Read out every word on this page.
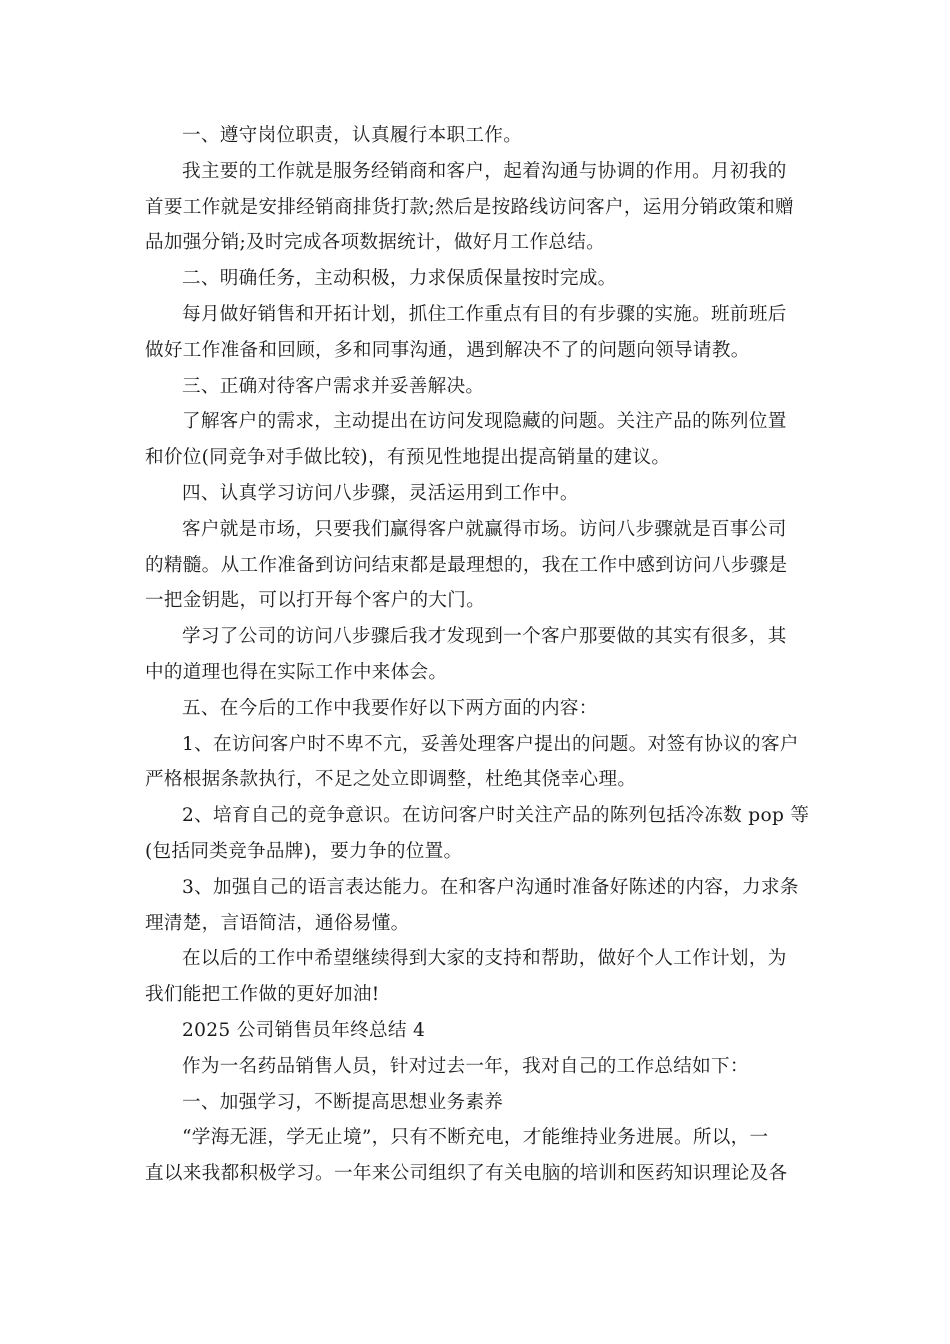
一、遵守岗位职责，认真履行本职工作。
我主要的工作就是服务经销商和客户，起着沟通与协调的作用。月初我的
首要工作就是安排经销商排货打款;然后是按路线访问客户，运用分销政策和赠
品加强分销;及时完成各项数据统计，做好月工作总结。
二、明确任务，主动积极，力求保质保量按时完成。
每月做好销售和开拓计划，抓住工作重点有目的有步骤的实施。班前班后
做好工作准备和回顾，多和同事沟通，遇到解决不了的问题向领导请教。
三、正确对待客户需求并妥善解决。
了解客户的需求，主动提出在访问发现隐藏的问题。关注产品的陈列位置
和价位(同竞争对手做比较)，有预见性地提出提高销量的建议。
四、认真学习访问八步骤，灵活运用到工作中。
客户就是市场，只要我们赢得客户就赢得市场。访问八步骤就是百事公司
的精髓。从工作准备到访问结束都是最理想的，我在工作中感到访问八步骤是
一把金钥匙，可以打开每个客户的大门。
学习了公司的访问八步骤后我才发现到一个客户那要做的其实有很多，其
中的道理也得在实际工作中来体会。
五、在今后的工作中我要作好以下两方面的内容：
1、在访问客户时不卑不亢，妥善处理客户提出的问题。对签有协议的客户
严格根据条款执行，不足之处立即调整，杜绝其侥幸心理。
2、培育自己的竞争意识。在访问客户时关注产品的陈列包括冷冻数 pop 等
(包括同类竞争品牌)，要力争的位置。
3、加强自己的语言表达能力。在和客户沟通时准备好陈述的内容，力求条
理清楚，言语简洁，通俗易懂。
在以后的工作中希望继续得到大家的支持和帮助，做好个人工作计划，为
我们能把工作做的更好加油!
2025 公司销售员年终总结 4
作为一名药品销售人员，针对过去一年，我对自己的工作总结如下：
一、加强学习，不断提高思想业务素养
“学海无涯，学无止境”，只有不断充电，才能维持业务进展。所以，一
直以来我都积极学习。一年来公司组织了有关电脑的培训和医药知识理论及各
